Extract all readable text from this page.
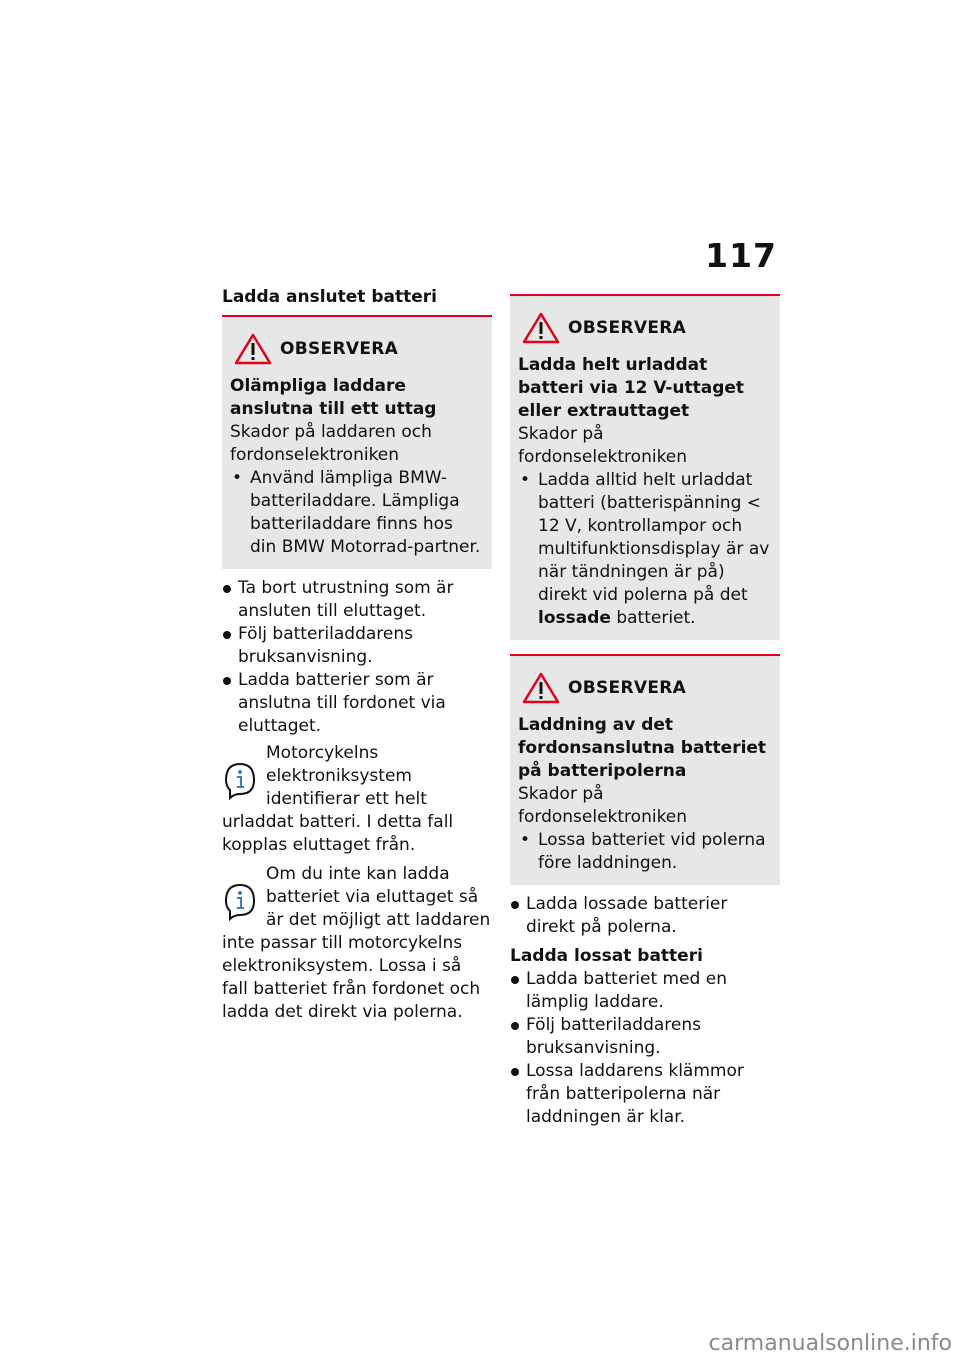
117
Ladda anslutet batteri
OBSERVERA
Olämpliga laddare anslutna till ett uttag
Skador på laddaren och fordonselektroniken
• Använd lämpliga BMW-batteriladdare. Lämpliga batteriladdare finns hos din BMW Motorrad-partner.
Ta bort utrustning som är ansluten till eluttaget.
Följ batteriladdarens bruksanvisning.
Ladda batterier som är anslutna till fordonet via eluttaget.

Motorcykelns elektroniksystem identifierar ett helt urladdat batteri. I detta fall kopplas eluttaget från.

Om du inte kan ladda batteriet via eluttaget så är det möjligt att laddaren inte passar till motorcykelns elektroniksystem. Lossa i så fall batteriet från fordonet och ladda det direkt via polerna.

OBSERVERA
Ladda helt urladdat batteri via 12 V-uttaget eller extrauttaget
Skador på fordonselektroniken
• Ladda alltid helt urladdat batteri (batterispänning < 12 V, kontrollampor och multifunktionsdisplay är av när tändningen är på) direkt vid polerna på det lossade batteriet.
OBSERVERA
Laddning av det fordonsanslutna batteriet på batteripolerna
Skador på fordonselektroniken
• Lossa batteriet vid polerna före laddningen.
Ladda lossade batterier direkt på polerna.
Ladda lossat batteri
Ladda batteriet med en lämplig laddare.
Följ batteriladdarens bruksanvisning.
Lossa laddarens klämmor från batteripolerna när laddningen är klar.
carmanualsonline.info
